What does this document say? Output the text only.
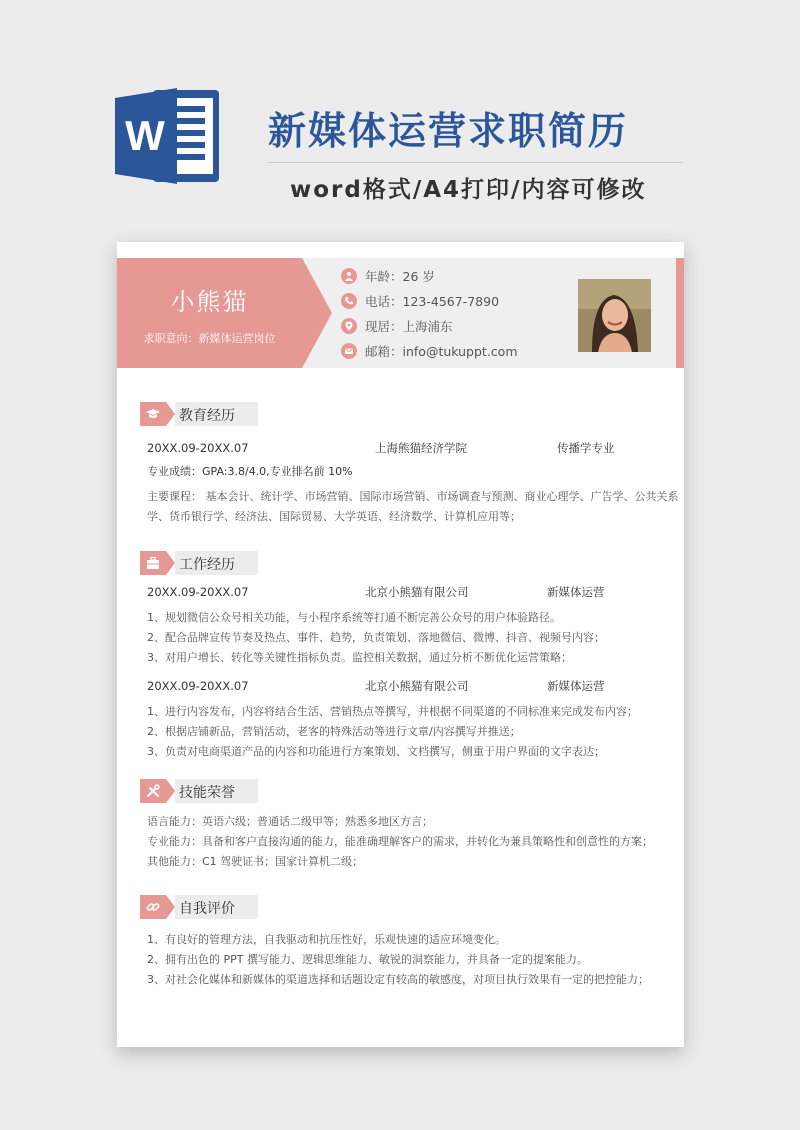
W	新媒体运营求职简历
word格式/A4打印/内容可修改
小熊猫
求职意向：新媒体运营岗位
年龄： 26 岁
电话： 123-4567-7890
现居： 上海浦东
邮箱： info@tukuppt.com
教育经历
20XX.09-20XX.07	上海熊猫经济学院	传播学专业
专业成绩：GPA:3.8/4.0,专业排名前 10%
主要课程： 基本会计、统计学、市场营销、国际市场营销、市场调查与预测、商业心理学、广告学、公共关系
学、货币银行学、经济法、国际贸易、大学英语、经济数学、计算机应用等；
工作经历
20XX.09-20XX.07	北京小熊猫有限公司	新媒体运营
1、规划微信公众号相关功能，与小程序系统等打通不断完善公众号的用户体验路径。
2、配合品牌宣传节奏及热点、事件、趋势，负责策划、落地微信、微博、抖音、视频号内容；
3、对用户增长、转化等关键性指标负责。监控相关数据，通过分析不断优化运营策略；
20XX.09-20XX.07	北京小熊猫有限公司	新媒体运营
1、进行内容发布，内容将结合生活、营销热点等撰写，并根据不同渠道的不同标准来完成发布内容；
2、根据店铺新品，营销活动，老客的特殊活动等进行文章/内容撰写并推送；
3、负责对电商渠道产品的内容和功能进行方案策划、文档撰写，侧重于用户界面的文字表达；
技能荣誉
语言能力：英语六级；普通话二级甲等；熟悉多地区方言；
专业能力：具备和客户直接沟通的能力，能准确理解客户的需求，并转化为兼具策略性和创意性的方案；
其他能力：C1 驾驶证书；国家计算机二级；
自我评价
1、有良好的管理方法，自我驱动和抗压性好，乐观快速的适应环境变化。
2、拥有出色的 PPT 撰写能力、逻辑思维能力、敏锐的洞察能力，并具备一定的提案能力。
3、对社会化媒体和新媒体的渠道选择和话题设定有较高的敏感度，对项目执行效果有一定的把控能力；
